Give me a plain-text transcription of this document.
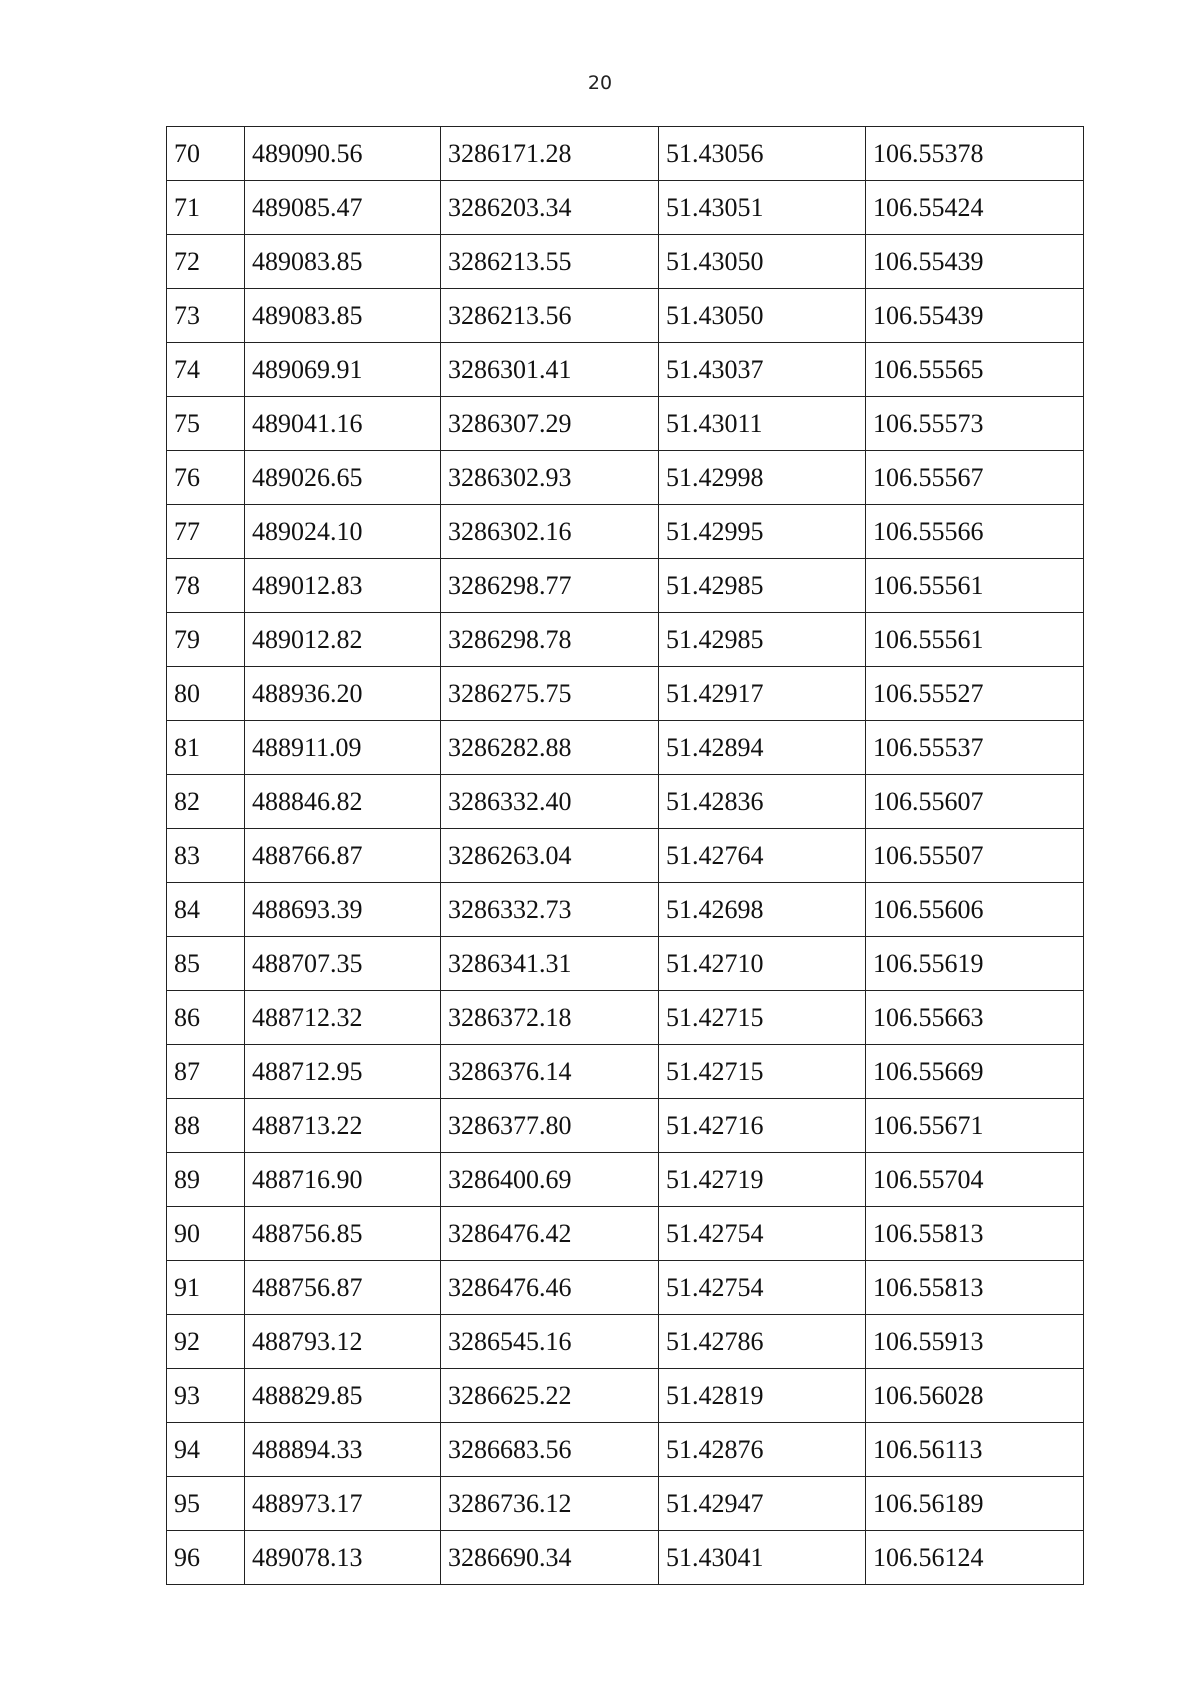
20
70	489090.56	3286171.28	51.43056	106.55378
71	489085.47	3286203.34	51.43051	106.55424
72	489083.85	3286213.55	51.43050	106.55439
73	489083.85	3286213.56	51.43050	106.55439
74	489069.91	3286301.41	51.43037	106.55565
75	489041.16	3286307.29	51.43011	106.55573
76	489026.65	3286302.93	51.42998	106.55567
77	489024.10	3286302.16	51.42995	106.55566
78	489012.83	3286298.77	51.42985	106.55561
79	489012.82	3286298.78	51.42985	106.55561
80	488936.20	3286275.75	51.42917	106.55527
81	488911.09	3286282.88	51.42894	106.55537
82	488846.82	3286332.40	51.42836	106.55607
83	488766.87	3286263.04	51.42764	106.55507
84	488693.39	3286332.73	51.42698	106.55606
85	488707.35	3286341.31	51.42710	106.55619
86	488712.32	3286372.18	51.42715	106.55663
87	488712.95	3286376.14	51.42715	106.55669
88	488713.22	3286377.80	51.42716	106.55671
89	488716.90	3286400.69	51.42719	106.55704
90	488756.85	3286476.42	51.42754	106.55813
91	488756.87	3286476.46	51.42754	106.55813
92	488793.12	3286545.16	51.42786	106.55913
93	488829.85	3286625.22	51.42819	106.56028
94	488894.33	3286683.56	51.42876	106.56113
95	488973.17	3286736.12	51.42947	106.56189
96	489078.13	3286690.34	51.43041	106.56124
